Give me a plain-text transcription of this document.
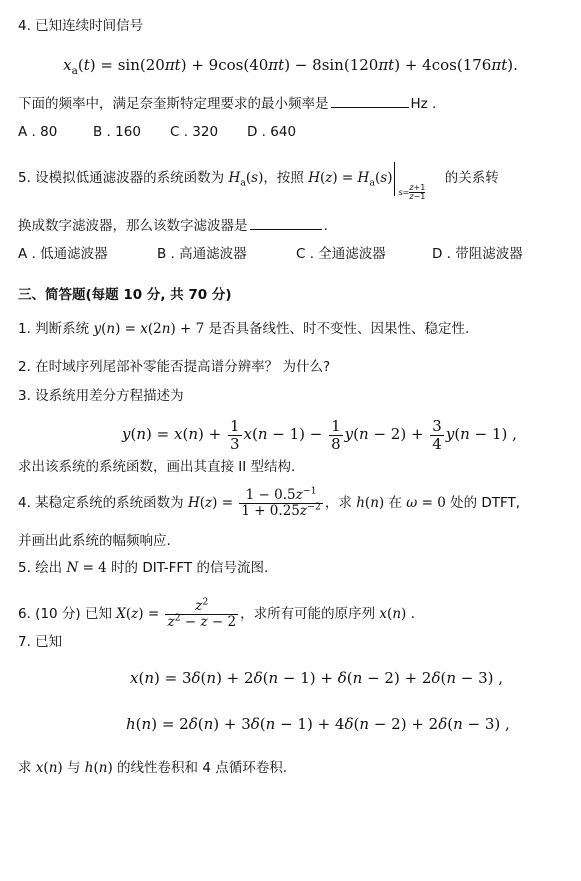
4. 已知连续时间信号
$x_a(t) = \sin(20\pi t) + 9\cos(40\pi t) - 8\sin(120\pi t) + 4\cos(176\pi t)$.
下面的频率中，满足奈奎斯特定理要求的最小频率是	Hz .
A . 80	B . 160 C . 320 D . 640
5. 设模拟低通滤波器的系统函数为 $H_a(s)$，按照 $H(z) = H_a(s)$
$s= \frac{z+1}{z-1}$
的关系转
换成数字滤波器，那么该数字滤波器是	.
A . 低通滤波器	B . 高通滤波器	C . 全通滤波器	D . 带阻滤波器
三、简答题(每题 10 分, 共 70 分)
1. 判断系统 y(n) = x(2n) + 7 是否具备线性、时不变性、因果性、稳定性.
2. 在时域序列尾部补零能否提高谱分辨率？ 为什么?
3. 设系统用差分方程描述为
$y(n) = x(n) + \frac{1}{3} x(n - 1) - \frac{1}{8} y(n - 2) + \frac{3}{4} y(n - 1)$ ,
求出该系统的系统函数，画出其直接 II 型结构.
4. 某稳定系统的系统函数为 $H(z) = \frac{1 - 0.5z^{-1}}{1 + 0.25z^{-2}}$ ，求 h(n) 在 ω = 0 处的 DTFT,
并画出此系统的幅频响应.
5. 绘出 N = 4 时的 DIT-FFT 的信号流图.
6. (10 分) 已知 $X(z) = \frac{z^2}{z^2 - z - 2}$ ，求所有可能的原序列 x(n) .
7. 已知
x(n) = 3δ(n) + 2δ(n − 1) + δ(n − 2) + 2δ(n − 3) ,
h(n) = 2δ(n) + 3δ(n − 1) + 4δ(n − 2) + 2δ(n − 3) ,
求 x(n) 与 h(n) 的线性卷积和 4 点循环卷积.
